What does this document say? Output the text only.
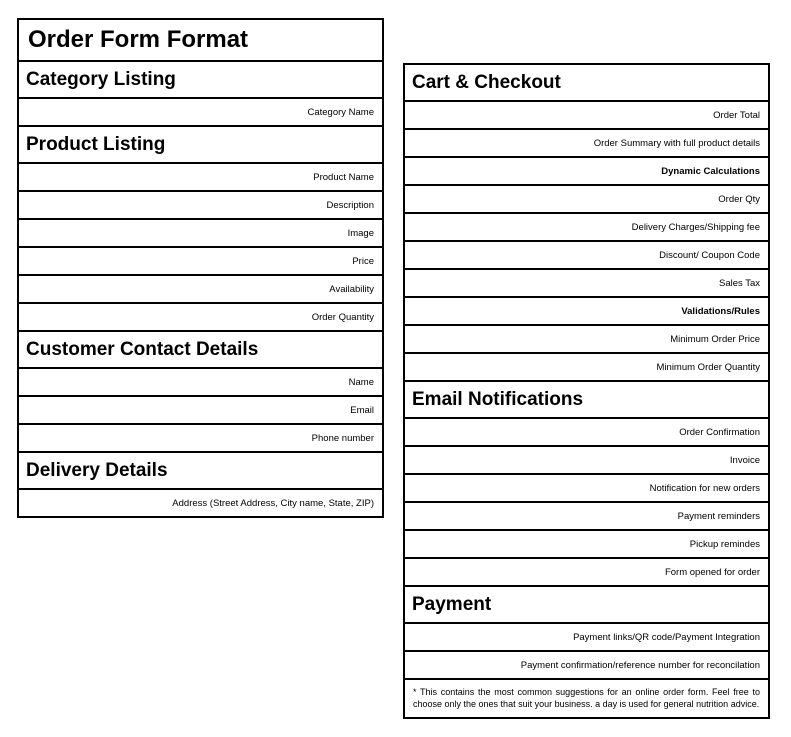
Order Form Format
Category Listing
Category Name
Product Listing
Product Name
Description
Image
Price
Availability
Order Quantity
Customer Contact Details
Name
Email
Phone number
Delivery Details
Address (Street Address, City name, State, ZIP)
Cart & Checkout
Order Total
Order Summary with full product details
Dynamic Calculations
Order Qty
Delivery Charges/Shipping fee
Discount/ Coupon Code
Sales Tax
Validations/Rules
Minimum Order Price
Minimum Order Quantity
Email Notifications
Order Confirmation
Invoice
Notification for new orders
Payment reminders
Pickup remindes
Form opened for order
Payment
Payment links/QR code/Payment Integration
Payment confirmation/reference number for reconcilation
* This contains the most common suggestions for an online order form. Feel free to choose only the ones that suit your business. a day is used for general nutrition advice.
